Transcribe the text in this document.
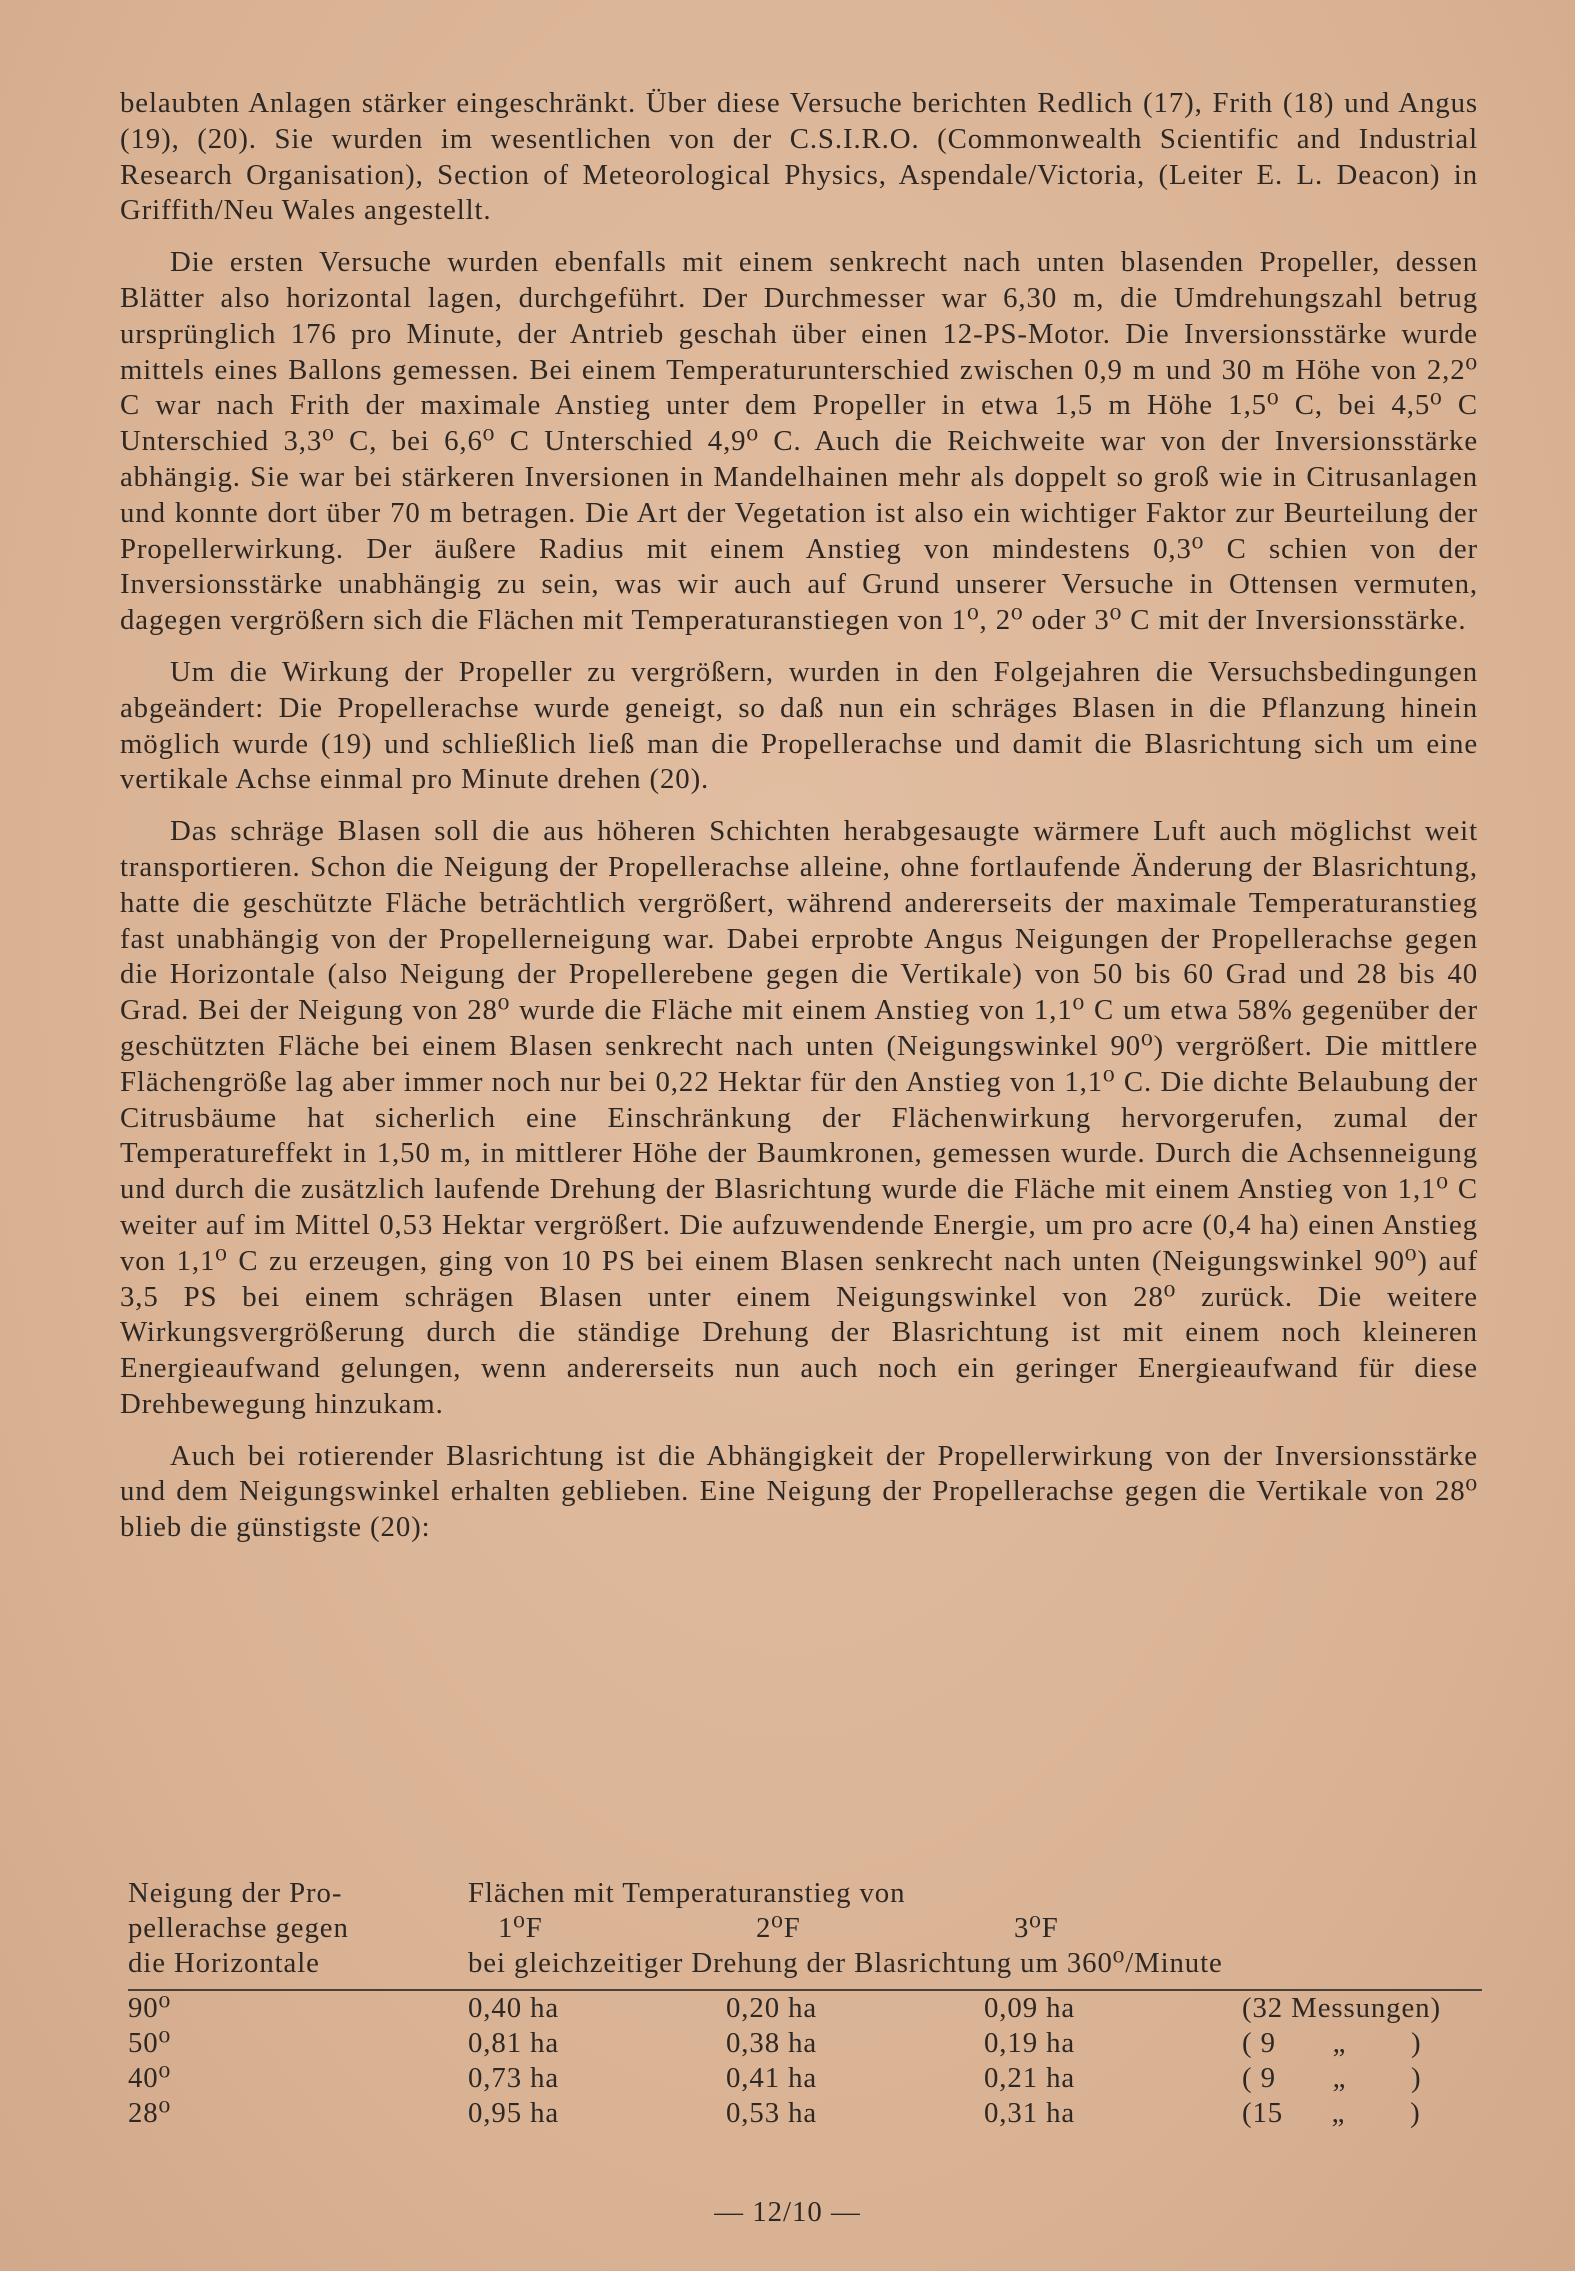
belaubten Anlagen stärker eingeschränkt. Über diese Versuche berichten Redlich (17), Frith (18) und Angus (19), (20). Sie wurden im wesentlichen von der C.S.I.R.O. (Commonwealth Scientific and Industrial Research Organisation), Section of Meteorological Physics, Aspendale/Victoria, (Leiter E. L. Deacon) in Griffith/Neu Wales angestellt.

Die ersten Versuche wurden ebenfalls mit einem senkrecht nach unten blasenden Propeller, dessen Blätter also horizontal lagen, durchgeführt. Der Durchmesser war 6,30 m, die Umdrehungszahl betrug ursprünglich 176 pro Minute, der Antrieb geschah über einen 12-PS-Motor. Die Inversionsstärke wurde mittels eines Ballons gemessen. Bei einem Temperaturunterschied zwischen 0,9 m und 30 m Höhe von 2,2⁰ C war nach Frith der maximale Anstieg unter dem Propeller in etwa 1,5 m Höhe 1,5⁰ C, bei 4,5⁰ C Unterschied 3,3⁰ C, bei 6,6⁰ C Unterschied 4,9⁰ C. Auch die Reichweite war von der Inversionsstärke abhängig. Sie war bei stärkeren Inversionen in Mandelhainen mehr als doppelt so groß wie in Citrusanlagen und konnte dort über 70 m betragen. Die Art der Vegetation ist also ein wichtiger Faktor zur Beurteilung der Propellerwirkung. Der äußere Radius mit einem Anstieg von mindestens 0,3⁰ C schien von der Inversionsstärke unabhängig zu sein, was wir auch auf Grund unserer Versuche in Ottensen vermuten, dagegen vergrößern sich die Flächen mit Temperaturanstiegen von 1⁰, 2⁰ oder 3⁰ C mit der Inversionsstärke.

Um die Wirkung der Propeller zu vergrößern, wurden in den Folgejahren die Versuchsbedingungen abgeändert: Die Propellerachse wurde geneigt, so daß nun ein schräges Blasen in die Pflanzung hinein möglich wurde (19) und schließlich ließ man die Propellerachse und damit die Blasrichtung sich um eine vertikale Achse einmal pro Minute drehen (20).

Das schräge Blasen soll die aus höheren Schichten herabgesaugte wärmere Luft auch möglichst weit transportieren. Schon die Neigung der Propellerachse alleine, ohne fortlaufende Änderung der Blasrichtung, hatte die geschützte Fläche beträchtlich vergrößert, während andererseits der maximale Temperaturanstieg fast unabhängig von der Propellerneigung war. Dabei erprobte Angus Neigungen der Propellerachse gegen die Horizontale (also Neigung der Propellerebene gegen die Vertikale) von 50 bis 60 Grad und 28 bis 40 Grad. Bei der Neigung von 28⁰ wurde die Fläche mit einem Anstieg von 1,1⁰ C um etwa 58% gegenüber der geschützten Fläche bei einem Blasen senkrecht nach unten (Neigungswinkel 90⁰) vergrößert. Die mittlere Flächengröße lag aber immer noch nur bei 0,22 Hektar für den Anstieg von 1,1⁰ C. Die dichte Belaubung der Citrusbäume hat sicherlich eine Einschränkung der Flächenwirkung hervorgerufen, zumal der Temperatureffekt in 1,50 m, in mittlerer Höhe der Baumkronen, gemessen wurde. Durch die Achsenneigung und durch die zusätzlich laufende Drehung der Blasrichtung wurde die Fläche mit einem Anstieg von 1,1⁰ C weiter auf im Mittel 0,53 Hektar vergrößert. Die aufzuwendende Energie, um pro acre (0,4 ha) einen Anstieg von 1,1⁰ C zu erzeugen, ging von 10 PS bei einem Blasen senkrecht nach unten (Neigungswinkel 90⁰) auf 3,5 PS bei einem schrägen Blasen unter einem Neigungswinkel von 28⁰ zurück. Die weitere Wirkungsvergrößerung durch die ständige Drehung der Blasrichtung ist mit einem noch kleineren Energieaufwand gelungen, wenn andererseits nun auch noch ein geringer Energieaufwand für diese Drehbewegung hinzukam.

Auch bei rotierender Blasrichtung ist die Abhängigkeit der Propellerwirkung von der Inversionsstärke und dem Neigungswinkel erhalten geblieben. Eine Neigung der Propellerachse gegen die Vertikale von 28⁰ blieb die günstigste (20):

Neigung der Pro-	Flächen mit Temperaturanstieg von			
pellerachse gegen	1⁰F	2⁰F	3⁰F	
die Horizontale	bei gleichzeitiger Drehung der Blasrichtung um 360⁰/Minute			

90⁰	0,40 ha	0,20 ha	0,09 ha	(32 Messungen)
50⁰	0,81 ha	0,38 ha	0,19 ha	( 9       „        )
40⁰	0,73 ha	0,41 ha	0,21 ha	( 9       „        )
28⁰	0,95 ha	0,53 ha	0,31 ha	(15      „        )
— 12/10 —
